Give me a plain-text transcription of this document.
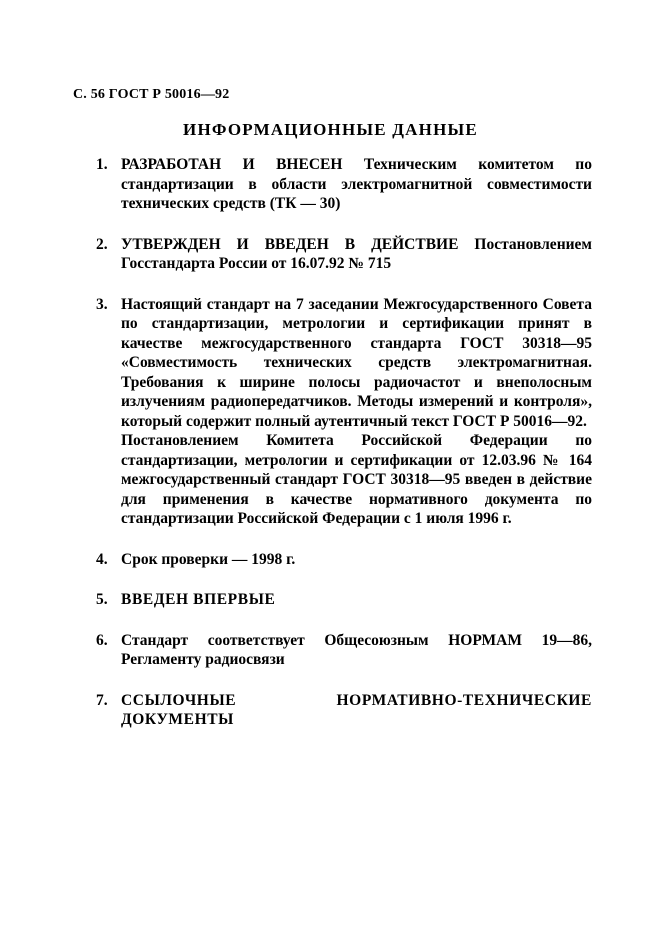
С. 56 ГОСТ Р 50016—92
ИНФОРМАЦИОННЫЕ ДАННЫЕ
1. РАЗРАБОТАН И ВНЕСЕН Техническим комитетом по стандартизации в области электромагнитной совместимости технических средств (ТК — 30)
2. УТВЕРЖДЕН И ВВЕДЕН В ДЕЙСТВИЕ Постановлением Госстандарта России от 16.07.92 № 715
3. Настоящий стандарт на 7 заседании Межгосударственного Совета по стандартизации, метрологии и сертификации принят в качестве межгосударственного стандарта ГОСТ 30318—95 «Совместимость технических средств электромагнитная. Требования к ширине полосы радиочастот и внеполосным излучениям радиопередатчиков. Методы измерений и контроля», который содержит полный аутентичный текст ГОСТ Р 50016—92.
Постановлением Комитета Российской Федерации по стандартизации, метрологии и сертификации от 12.03.96 № 164 межгосударственный стандарт ГОСТ 30318—95 введен в действие для применения в качестве нормативного документа по стандартизации Российской Федерации с 1 июля 1996 г.
4. Срок проверки — 1998 г.
5. ВВЕДЕН ВПЕРВЫЕ
6. Стандарт соответствует Общесоюзным НОРМАМ 19—86, Регламенту радиосвязи
7. ССЫЛОЧНЫЕ НОРМАТИВНО-ТЕХНИЧЕСКИЕ ДОКУМЕНТЫ
